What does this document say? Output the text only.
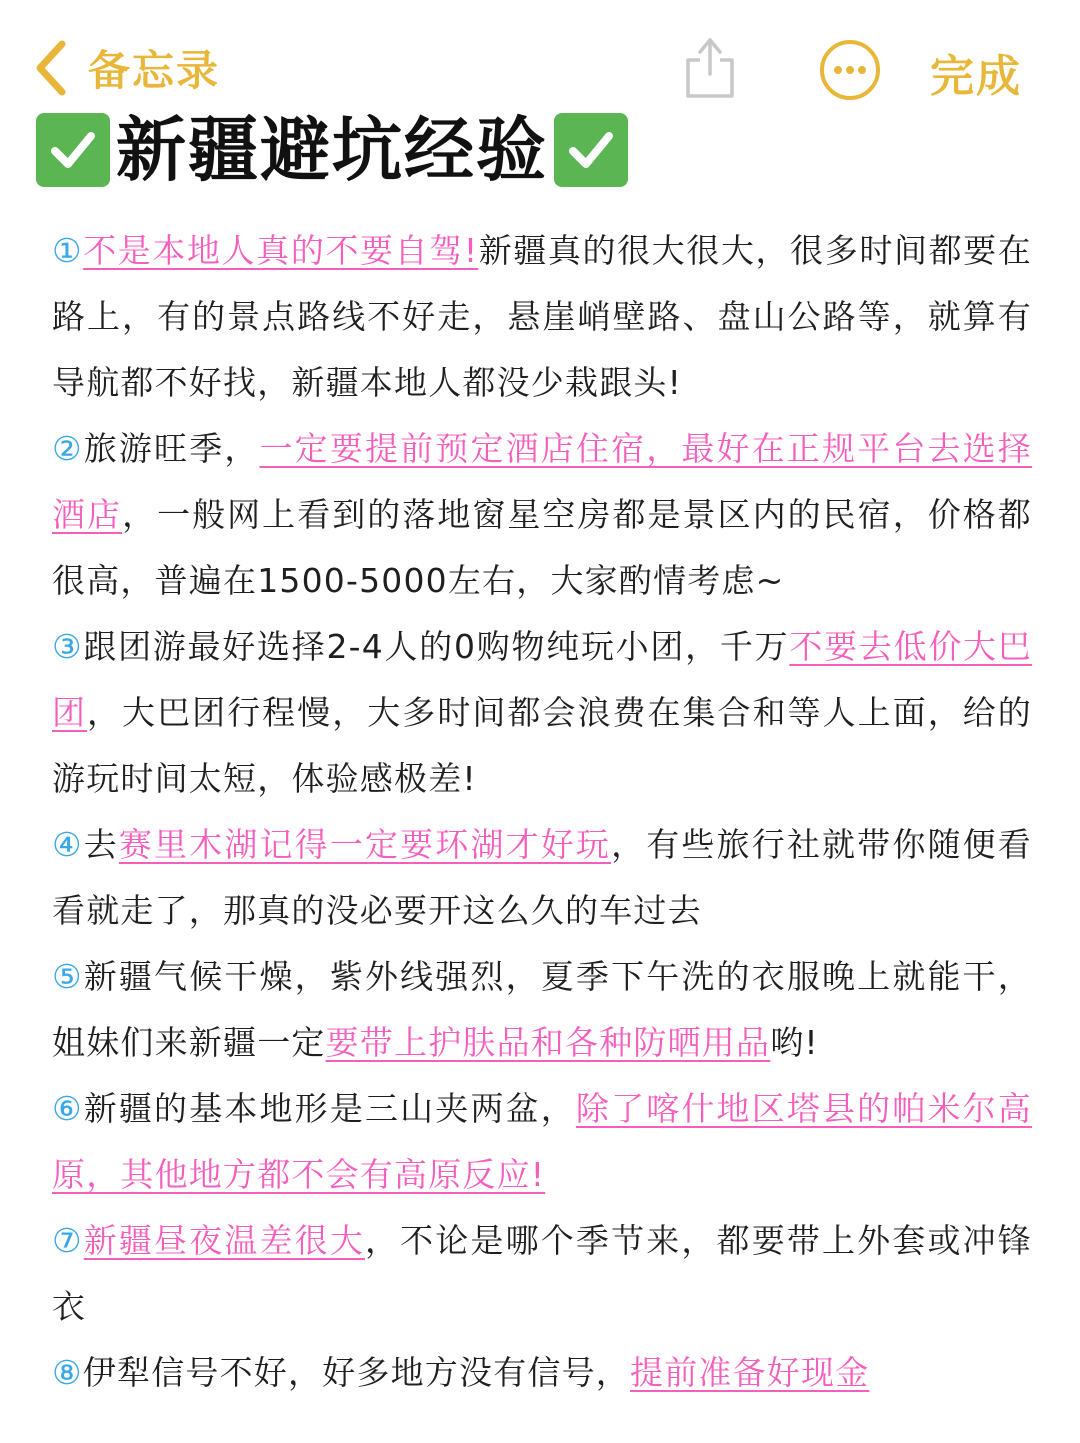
备忘录	完成
新疆避坑经验

①不是本地人真的不要自驾!新疆真的很大很大，很多时间都要在路上，有的景点路线不好走，悬崖峭壁路、盘山公路等，就算有导航都不好找，新疆本地人都没少栽跟头!

②旅游旺季，一定要提前预定酒店住宿，最好在正规平台去选择酒店，一般网上看到的落地窗星空房都是景区内的民宿，价格都很高，普遍在1500-5000左右，大家酌情考虑~

③跟团游最好选择2-4人的0购物纯玩小团，千万不要去低价大巴团，大巴团行程慢，大多时间都会浪费在集合和等人上面，给的游玩时间太短，体验感极差!

④去赛里木湖记得一定要环湖才好玩，有些旅行社就带你随便看看就走了，那真的没必要开这么久的车过去

⑤新疆气候干燥，紫外线强烈，夏季下午洗的衣服晚上就能干，姐妹们来新疆一定要带上护肤品和各种防晒用品哟!

⑥新疆的基本地形是三山夹两盆，除了喀什地区塔县的帕米尔高原，其他地方都不会有高原反应!

⑦新疆昼夜温差很大，不论是哪个季节来，都要带上外套或冲锋衣

⑧伊犁信号不好，好多地方没有信号，提前准备好现金
